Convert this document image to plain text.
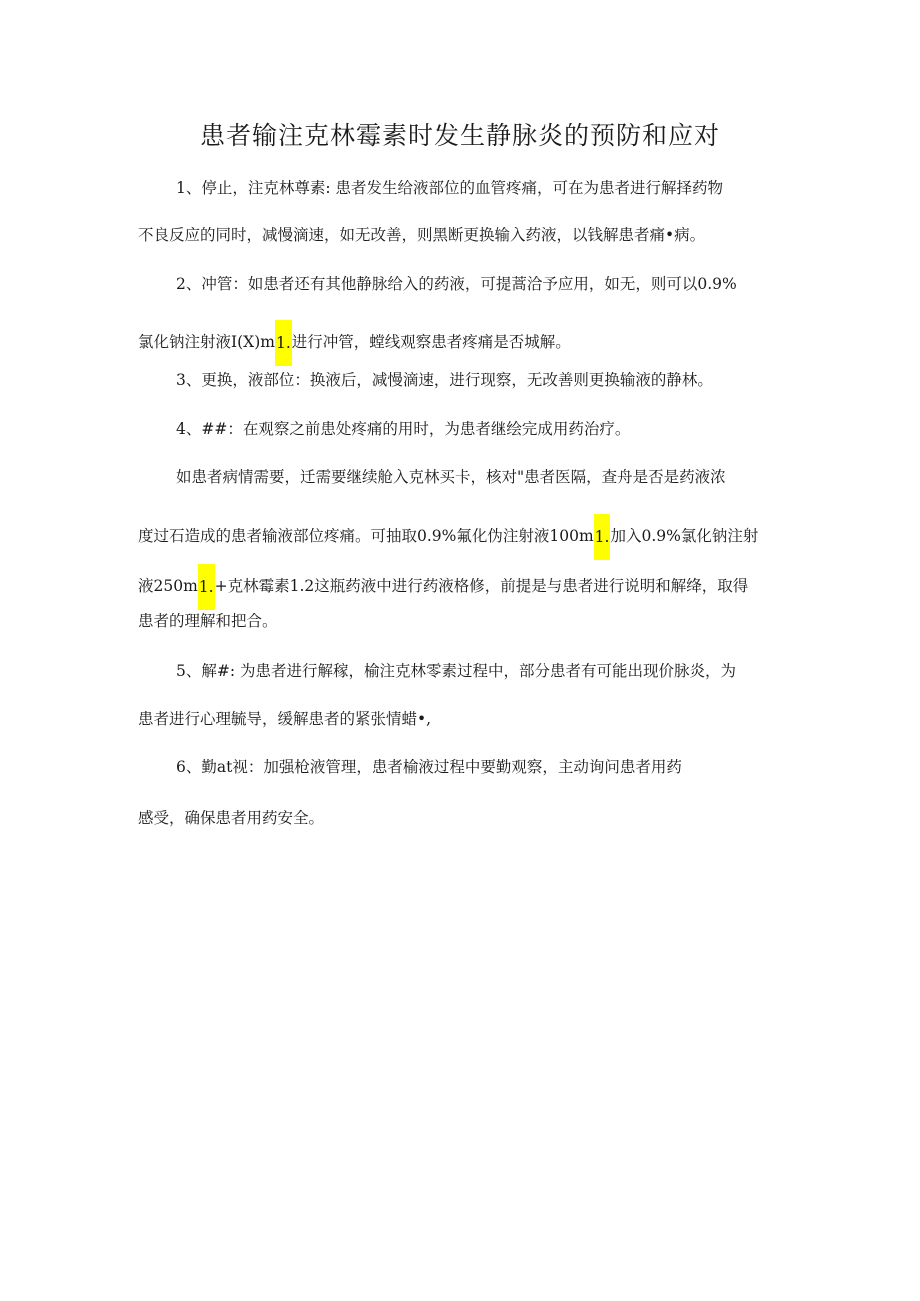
患者输注克林霉素时发生静脉炎的预防和应对
1、停止，注克林尊素: 患者发生给液部位的血管疼痛，可在为患者进行解择药物
不良反应的同时，减慢滴速，如无改善，则黑断更换输入药液，以钱解患者痛•病。
2、冲管：如患者还有其他静脉给入的药液，可提蒿洽予应用，如无，则可以0.9%
氯化钠注射液I(X)m1.进行冲管，螳线观察患者疼痛是否城解。
3、更换，液部位：换液后，减慢滴速，进行现察，无改善则更换输液的静林。
4、##：在观察之前患处疼痛的用时，为患者继绘完成用药治疗。
如患者病情需要，迁需要继续舱入克林买卡，核对"患者医隔，查舟是否是药液浓
度过石造成的患者输液部位疼痛。可抽取0.9%氟化伪注射液100m1.加入0.9%氯化钠注射
液250m1.+克林霉素1.2这瓶药液中进行药液格修，前提是与患者进行说明和解绛，取得
患者的理解和把合。
5、解#: 为患者进行解稼，榆注克林零素过程中，部分患者有可能出现价脉炎，为
患者进行心理毓导，缓解患者的紧张情蜡•,
6、勤at视：加强枪液管理，患者榆液过程中要勤观察，主动询问患者用药
感受，确保患者用药安全。
